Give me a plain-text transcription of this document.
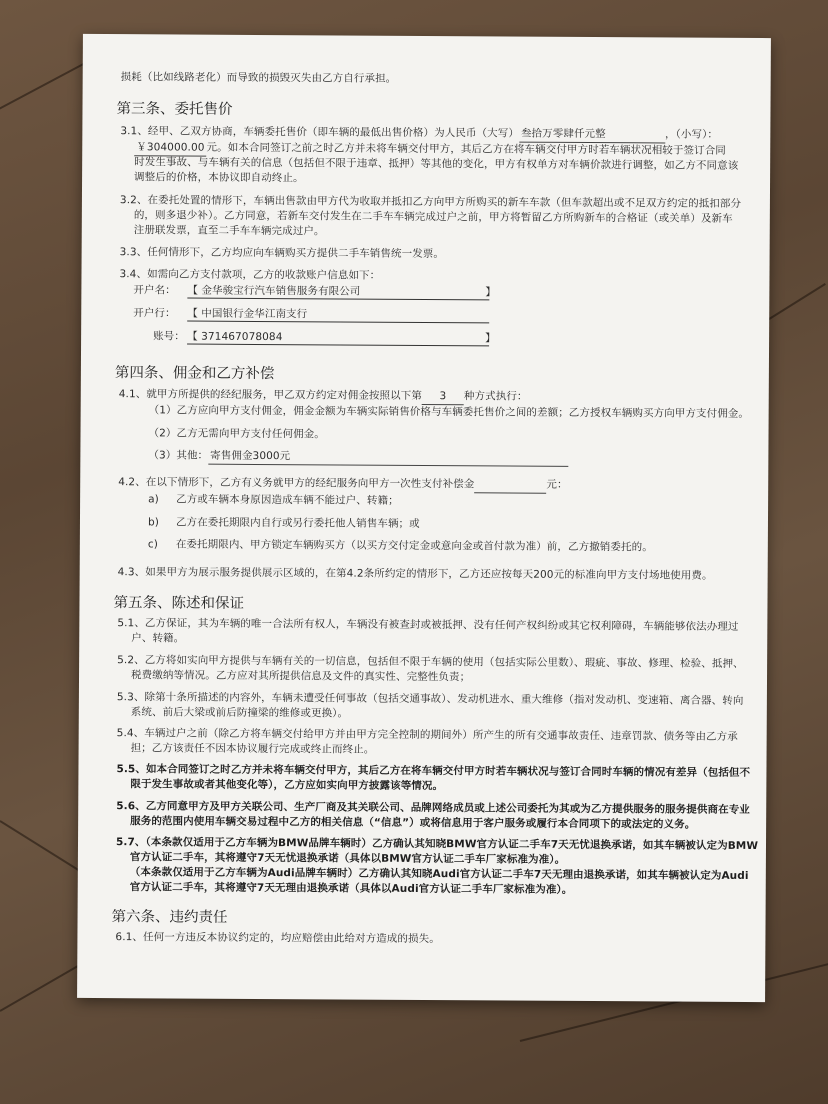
损耗（比如线路老化）而导致的损毁灭失由乙方自行承担。
第三条、委托售价
3.1、经甲、乙双方协商，车辆委托售价（即车辆的最低出售价格）为人民币（大写） 叁拾万零肆仟元整	，（小写）：
￥304000.00 元。如本合同签订之前之时乙方并未将车辆交付甲方，其后乙方在将车辆交付甲方时若车辆状况相较于签订合同
时发生事故、与车辆有关的信息（包括但不限于违章、抵押）等其他的变化，甲方有权单方对车辆价款进行调整，如乙方不同意该
调整后的价格，本协议即自动终止。
3.2、在委托处置的情形下，车辆出售款由甲方代为收取并抵扣乙方向甲方所购买的新车车款（但车款超出或不足双方约定的抵扣部分
的，则多退少补）。乙方同意，若新车交付发生在二手车车辆完成过户之前，甲方将暂留乙方所购新车的合格证（或关单）及新车
注册联发票，直至二手车车辆完成过户。
3.3、任何情形下，乙方均应向车辆购买方提供二手车销售统一发票。
3.4、如需向乙方支付款项，乙方的收款账户信息如下：
开户名： 【 金华骏宝行汽车销售服务有限公司	】
开户行： 【 中国银行金华江南支行
账号： 【 371467078084	】
第四条、佣金和乙方补偿
4.1、就甲方所提供的经纪服务，甲乙双方约定对佣金按照以下第 3 种方式执行：
（1）乙方应向甲方支付佣金，佣金金额为车辆实际销售价格与车辆委托售价之间的差额；乙方授权车辆购买方向甲方支付佣金。
（2）乙方无需向甲方支付任何佣金。
（3）其他： 寄售佣金3000元
4.2、在以下情形下，乙方有义务就甲方的经纪服务向甲方一次性支付补偿金	元：
a) 乙方或车辆本身原因造成车辆不能过户、转籍；
b) 乙方在委托期限内自行或另行委托他人销售车辆；或
c) 在委托期限内、甲方锁定车辆购买方（以买方交付定金或意向金或首付款为准）前，乙方撤销委托的。
4.3、如果甲方为展示服务提供展示区域的，在第4.2条所约定的情形下，乙方还应按每天200元的标准向甲方支付场地使用费。
第五条、陈述和保证
5.1、乙方保证，其为车辆的唯一合法所有权人，车辆没有被查封或被抵押、没有任何产权纠纷或其它权利障碍，车辆能够依法办理过
户、转籍。
5.2、乙方将如实向甲方提供与车辆有关的一切信息，包括但不限于车辆的使用（包括实际公里数）、瑕疵、事故、修理、检验、抵押、
税费缴纳等情况。乙方应对其所提供信息及文件的真实性、完整性负责；
5.3、除第十条所描述的内容外，车辆未遭受任何事故（包括交通事故）、发动机进水、重大维修（指对发动机、变速箱、离合器、转向
系统、前后大梁或前后防撞梁的维修或更换）。
5.4、车辆过户之前（除乙方将车辆交付给甲方并由甲方完全控制的期间外）所产生的所有交通事故责任、违章罚款、债务等由乙方承
担；乙方该责任不因本协议履行完成或终止而终止。
5.5、如本合同签订之时乙方并未将车辆交付甲方，其后乙方在将车辆交付甲方时若车辆状况与签订合同时车辆的情况有差异（包括但不
限于发生事故或者其他变化等），乙方应如实向甲方披露该等情况。
5.6、乙方同意甲方及甲方关联公司、生产厂商及其关联公司、品牌网络成员或上述公司委托为其或为乙方提供服务的服务提供商在专业
服务的范围内使用车辆交易过程中乙方的相关信息（“信息”）或将信息用于客户服务或履行本合同项下的或法定的义务。
5.7、（本条款仅适用于乙方车辆为BMW品牌车辆时）乙方确认其知晓BMW官方认证二手车7天无忧退换承诺，如其车辆被认定为BMW
官方认证二手车，其将遵守7天无忧退换承诺（具体以BMW官方认证二手车厂家标准为准）。
（本条款仅适用于乙方车辆为Audi品牌车辆时）乙方确认其知晓Audi官方认证二手车7天无理由退换承诺，如其车辆被认定为Audi
官方认证二手车，其将遵守7天无理由退换承诺（具体以Audi官方认证二手车厂家标准为准）。
第六条、违约责任
6.1、任何一方违反本协议约定的，均应赔偿由此给对方造成的损失。
